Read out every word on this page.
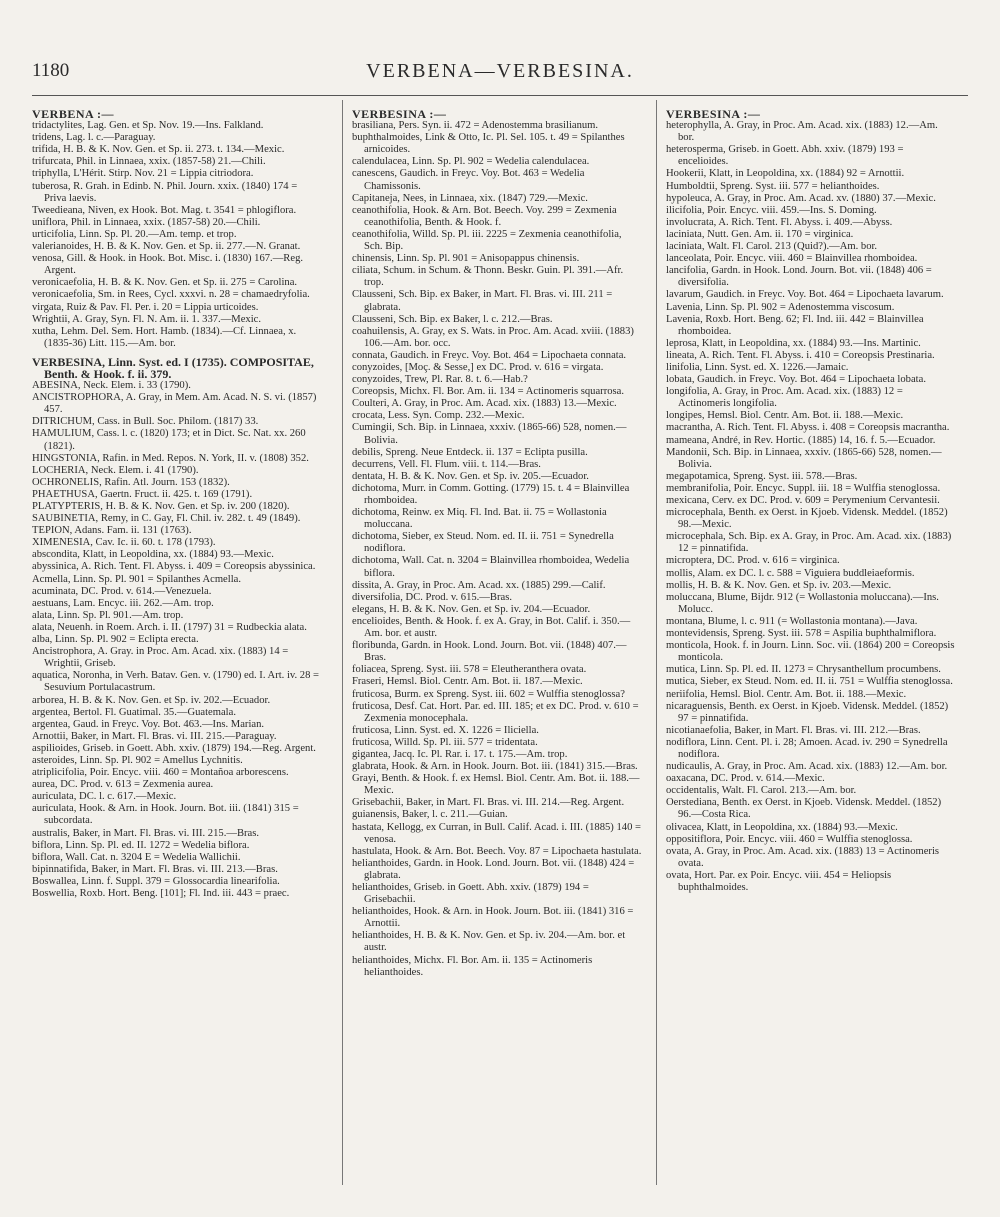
1180	VERBENA—VERBESINA.
VERBENA :—

tridactylites, Lag. Gen. et Sp. Nov. 19.—Ins. Falkland.

tridens, Lag. l. c.—Paraguay.

trifida, H. B. & K. Nov. Gen. et Sp. ii. 273. t. 134.—Mexic.

trifurcata, Phil. in Linnaea, xxix. (1857-58) 21.—Chili.

triphylla, L'Hérit. Stirp. Nov. 21 = Lippia citriodora.

tuberosa, R. Grah. in Edinb. N. Phil. Journ. xxix. (1840) 174 = Priva laevis.

Tweedieana, Niven, ex Hook. Bot. Mag. t. 3541 = phlogiflora.

uniflora, Phil. in Linnaea, xxix. (1857-58) 20.—Chili.

urticifolia, Linn. Sp. Pl. 20.—Am. temp. et trop.

valerianoides, H. B. & K. Nov. Gen. et Sp. ii. 277.—N. Granat.

venosa, Gill. & Hook. in Hook. Bot. Misc. i. (1830) 167.—Reg. Argent.

veronicaefolia, H. B. & K. Nov. Gen. et Sp. ii. 275 = Carolina.

veronicaefolia, Sm. in Rees, Cycl. xxxvi. n. 28 = chamaedryfolia.

virgata, Ruiz & Pav. Fl. Per. i. 20 = Lippia urticoides.

Wrightii, A. Gray, Syn. Fl. N. Am. ii. 1. 337.—Mexic.

xutha, Lehm. Del. Sem. Hort. Hamb. (1834).—Cf. Linnaea, x. (1835-36) Litt. 115.—Am. bor.

VERBESINA, Linn. Syst. ed. I (1735). COMPOSITAE, Benth. & Hook. f. ii. 379.

ABESINA, Neck. Elem. i. 33 (1790).

ANCISTROPHORA, A. Gray, in Mem. Am. Acad. N. S. vi. (1857) 457.

DITRICHUM, Cass. in Bull. Soc. Philom. (1817) 33.

HAMULIUM, Cass. l. c. (1820) 173; et in Dict. Sc. Nat. xx. 260 (1821).

HINGSTONIA, Rafin. in Med. Repos. N. York, II. v. (1808) 352.

LOCHERIA, Neck. Elem. i. 41 (1790).

OCHRONELIS, Rafin. Atl. Journ. 153 (1832).

PHAETHUSA, Gaertn. Fruct. ii. 425. t. 169 (1791).

PLATYPTERIS, H. B. & K. Nov. Gen. et Sp. iv. 200 (1820).

SAUBINETIA, Remy, in C. Gay, Fl. Chil. iv. 282. t. 49 (1849).

TEPION, Adans. Fam. ii. 131 (1763).

XIMENESIA, Cav. Ic. ii. 60. t. 178 (1793).

abscondita, Klatt, in Leopoldina, xx. (1884) 93.—Mexic.

abyssinica, A. Rich. Tent. Fl. Abyss. i. 409 = Coreopsis abyssinica.

Acmella, Linn. Sp. Pl. 901 = Spilanthes Acmella.

acuminata, DC. Prod. v. 614.—Venezuela.

aestuans, Lam. Encyc. iii. 262.—Am. trop.

alata, Linn. Sp. Pl. 901.—Am. trop.

alata, Neuenh. in Roem. Arch. i. II. (1797) 31 = Rudbeckia alata.

alba, Linn. Sp. Pl. 902 = Eclipta erecta.

Ancistrophora, A. Gray. in Proc. Am. Acad. xix. (1883) 14 = Wrightii, Griseb.

aquatica, Noronha, in Verh. Batav. Gen. v. (1790) ed. I. Art. iv. 28 = Sesuvium Portulacastrum.

arborea, H. B. & K. Nov. Gen. et Sp. iv. 202.—Ecuador.

argentea, Bertol. Fl. Guatimal. 35.—Guatemala.

argentea, Gaud. in Freyc. Voy. Bot. 463.—Ins. Marian.

Arnottii, Baker, in Mart. Fl. Bras. vi. III. 215.—Paraguay.

aspilioides, Griseb. in Goett. Abh. xxiv. (1879) 194.—Reg. Argent.

asteroides, Linn. Sp. Pl. 902 = Amellus Lychnitis.

atriplicifolia, Poir. Encyc. viii. 460 = Montañoa arborescens.

aurea, DC. Prod. v. 613 = Zexmenia aurea.

auriculata, DC. l. c. 617.—Mexic.

auriculata, Hook. & Arn. in Hook. Journ. Bot. iii. (1841) 315 = subcordata.

australis, Baker, in Mart. Fl. Bras. vi. III. 215.—Bras.

biflora, Linn. Sp. Pl. ed. II. 1272 = Wedelia biflora.

biflora, Wall. Cat. n. 3204 E = Wedelia Wallichii.

bipinnatifida, Baker, in Mart. Fl. Bras. vi. III. 213.—Bras.

Boswallea, Linn. f. Suppl. 379 = Glossocardia linearifolia.

Boswellia, Roxb. Hort. Beng. [101]; Fl. Ind. iii. 443 = praec.

VERBESINA :—

brasiliana, Pers. Syn. ii. 472 = Adenostemma brasilianum.

buphthalmoides, Link & Otto, Ic. Pl. Sel. 105. t. 49 = Spilanthes arnicoides.

calendulacea, Linn. Sp. Pl. 902 = Wedelia calendulacea.

canescens, Gaudich. in Freyc. Voy. Bot. 463 = Wedelia Chamissonis.

Capitaneja, Nees, in Linnaea, xix. (1847) 729.—Mexic.

ceanothifolia, Hook. & Arn. Bot. Beech. Voy. 299 = Zexmenia ceanothifolia, Benth. & Hook. f.

ceanothifolia, Willd. Sp. Pl. iii. 2225 = Zexmenia ceanothifolia, Sch. Bip.

chinensis, Linn. Sp. Pl. 901 = Anisopappus chinensis.

ciliata, Schum. in Schum. & Thonn. Beskr. Guin. Pl. 391.—Afr. trop.

Clausseni, Sch. Bip. ex Baker, in Mart. Fl. Bras. vi. III. 211 = glabrata.

Clausseni, Sch. Bip. ex Baker, l. c. 212.—Bras.

coahuilensis, A. Gray, ex S. Wats. in Proc. Am. Acad. xviii. (1883) 106.—Am. bor. occ.

connata, Gaudich. in Freyc. Voy. Bot. 464 = Lipochaeta connata.

conyzoides, [Moç. & Sesse,] ex DC. Prod. v. 616 = virgata.

conyzoides, Trew, Pl. Rar. 8. t. 6.—Hab.?

Coreopsis, Michx. Fl. Bor. Am. ii. 134 = Actinomeris squarrosa.

Coulteri, A. Gray, in Proc. Am. Acad. xix. (1883) 13.—Mexic.

crocata, Less. Syn. Comp. 232.—Mexic.

Cumingii, Sch. Bip. in Linnaea, xxxiv. (1865-66) 528, nomen.—Bolivia.

debilis, Spreng. Neue Entdeck. ii. 137 = Eclipta pusilla.

decurrens, Vell. Fl. Flum. viii. t. 114.—Bras.

dentata, H. B. & K. Nov. Gen. et Sp. iv. 205.—Ecuador.

dichotoma, Murr. in Comm. Gotting. (1779) 15. t. 4 = Blainvillea rhomboidea.

dichotoma, Reinw. ex Miq. Fl. Ind. Bat. ii. 75 = Wollastonia moluccana.

dichotoma, Sieber, ex Steud. Nom. ed. II. ii. 751 = Synedrella nodiflora.

dichotoma, Wall. Cat. n. 3204 = Blainvillea rhomboidea, Wedelia biflora.

dissita, A. Gray, in Proc. Am. Acad. xx. (1885) 299.—Calif.

diversifolia, DC. Prod. v. 615.—Bras.

elegans, H. B. & K. Nov. Gen. et Sp. iv. 204.—Ecuador.

encelioides, Benth. & Hook. f. ex A. Gray, in Bot. Calif. i. 350.—Am. bor. et austr.

floribunda, Gardn. in Hook. Lond. Journ. Bot. vii. (1848) 407.—Bras.

foliacea, Spreng. Syst. iii. 578 = Eleutheranthera ovata.

Fraseri, Hemsl. Biol. Centr. Am. Bot. ii. 187.—Mexic.

fruticosa, Burm. ex Spreng. Syst. iii. 602 = Wulffia stenoglossa?

fruticosa, Desf. Cat. Hort. Par. ed. III. 185; et ex DC. Prod. v. 610 = Zexmenia monocephala.

fruticosa, Linn. Syst. ed. X. 1226 = Iliciella.

fruticosa, Willd. Sp. Pl. iii. 577 = tridentata.

gigantea, Jacq. Ic. Pl. Rar. i. 17. t. 175.—Am. trop.

glabrata, Hook. & Arn. in Hook. Journ. Bot. iii. (1841) 315.—Bras.

Grayi, Benth. & Hook. f. ex Hemsl. Biol. Centr. Am. Bot. ii. 188.—Mexic.

Grisebachii, Baker, in Mart. Fl. Bras. vi. III. 214.—Reg. Argent.

guianensis, Baker, l. c. 211.—Guian.

hastata, Kellogg, ex Curran, in Bull. Calif. Acad. i. III. (1885) 140 = venosa.

hastulata, Hook. & Arn. Bot. Beech. Voy. 87 = Lipochaeta hastulata.

helianthoides, Gardn. in Hook. Lond. Journ. Bot. vii. (1848) 424 = glabrata.

helianthoides, Griseb. in Goett. Abh. xxiv. (1879) 194 = Grisebachii.

helianthoides, Hook. & Arn. in Hook. Journ. Bot. iii. (1841) 316 = Arnottii.

helianthoides, H. B. & K. Nov. Gen. et Sp. iv. 204.—Am. bor. et austr.

helianthoides, Michx. Fl. Bor. Am. ii. 135 = Actinomeris helianthoides.

VERBESINA :—

heterophylla, A. Gray, in Proc. Am. Acad. xix. (1883) 12.—Am. bor.

heterosperma, Griseb. in Goett. Abh. xxiv. (1879) 193 = encelioides.

Hookerii, Klatt, in Leopoldina, xx. (1884) 92 = Arnottii.

Humboldtii, Spreng. Syst. iii. 577 = helianthoides.

hypoleuca, A. Gray, in Proc. Am. Acad. xv. (1880) 37.—Mexic.

ilicifolia, Poir. Encyc. viii. 459.—Ins. S. Doming.

involucrata, A. Rich. Tent. Fl. Abyss. i. 409.—Abyss.

laciniata, Nutt. Gen. Am. ii. 170 = virginica.

laciniata, Walt. Fl. Carol. 213 (Quid?).—Am. bor.

lanceolata, Poir. Encyc. viii. 460 = Blainvillea rhomboidea.

lancifolia, Gardn. in Hook. Lond. Journ. Bot. vii. (1848) 406 = diversifolia.

lavarum, Gaudich. in Freyc. Voy. Bot. 464 = Lipochaeta lavarum.

Lavenia, Linn. Sp. Pl. 902 = Adenostemma viscosum.

Lavenia, Roxb. Hort. Beng. 62; Fl. Ind. iii. 442 = Blainvillea rhomboidea.

leprosa, Klatt, in Leopoldina, xx. (1884) 93.—Ins. Martinic.

lineata, A. Rich. Tent. Fl. Abyss. i. 410 = Coreopsis Prestinaria.

linifolia, Linn. Syst. ed. X. 1226.—Jamaic.

lobata, Gaudich. in Freyc. Voy. Bot. 464 = Lipochaeta lobata.

longifolia, A. Gray, in Proc. Am. Acad. xix. (1883) 12 = Actinomeris longifolia.

longipes, Hemsl. Biol. Centr. Am. Bot. ii. 188.—Mexic.

macrantha, A. Rich. Tent. Fl. Abyss. i. 408 = Coreopsis macrantha.

mameana, André, in Rev. Hortic. (1885) 14, 16. f. 5.—Ecuador.

Mandonii, Sch. Bip. in Linnaea, xxxiv. (1865-66) 528, nomen.—Bolivia.

megapotamica, Spreng. Syst. iii. 578.—Bras.

membranifolia, Poir. Encyc. Suppl. iii. 18 = Wulffia stenoglossa.

mexicana, Cerv. ex DC. Prod. v. 609 = Perymenium Cervantesii.

microcephala, Benth. ex Oerst. in Kjoeb. Vidensk. Meddel. (1852) 98.—Mexic.

microcephala, Sch. Bip. ex A. Gray, in Proc. Am. Acad. xix. (1883) 12 = pinnatifida.

microptera, DC. Prod. v. 616 = virginica.

mollis, Alam. ex DC. l. c. 588 = Viguiera buddleiaeformis.

mollis, H. B. & K. Nov. Gen. et Sp. iv. 203.—Mexic.

moluccana, Blume, Bijdr. 912 (= Wollastonia moluccana).—Ins. Molucc.

montana, Blume, l. c. 911 (= Wollastonia montana).—Java.

montevidensis, Spreng. Syst. iii. 578 = Aspilia buphthalmiflora.

monticola, Hook. f. in Journ. Linn. Soc. vii. (1864) 200 = Coreopsis monticola.

mutica, Linn. Sp. Pl. ed. II. 1273 = Chrysanthellum procumbens.

mutica, Sieber, ex Steud. Nom. ed. II. ii. 751 = Wulffia stenoglossa.

neriifolia, Hemsl. Biol. Centr. Am. Bot. ii. 188.—Mexic.

nicaraguensis, Benth. ex Oerst. in Kjoeb. Vidensk. Meddel. (1852) 97 = pinnatifida.

nicotianaefolia, Baker, in Mart. Fl. Bras. vi. III. 212.—Bras.

nodiflora, Linn. Cent. Pl. i. 28; Amoen. Acad. iv. 290 = Synedrella nodiflora.

nudicaulis, A. Gray, in Proc. Am. Acad. xix. (1883) 12.—Am. bor.

oaxacana, DC. Prod. v. 614.—Mexic.

occidentalis, Walt. Fl. Carol. 213.—Am. bor.

Oerstediana, Benth. ex Oerst. in Kjoeb. Vidensk. Meddel. (1852) 96.—Costa Rica.

olivacea, Klatt, in Leopoldina, xx. (1884) 93.—Mexic.

oppositiflora, Poir. Encyc. viii. 460 = Wulffia stenoglossa.

ovata, A. Gray, in Proc. Am. Acad. xix. (1883) 13 = Actinomeris ovata.

ovata, Hort. Par. ex Poir. Encyc. viii. 454 = Heliopsis buphthalmoides.
